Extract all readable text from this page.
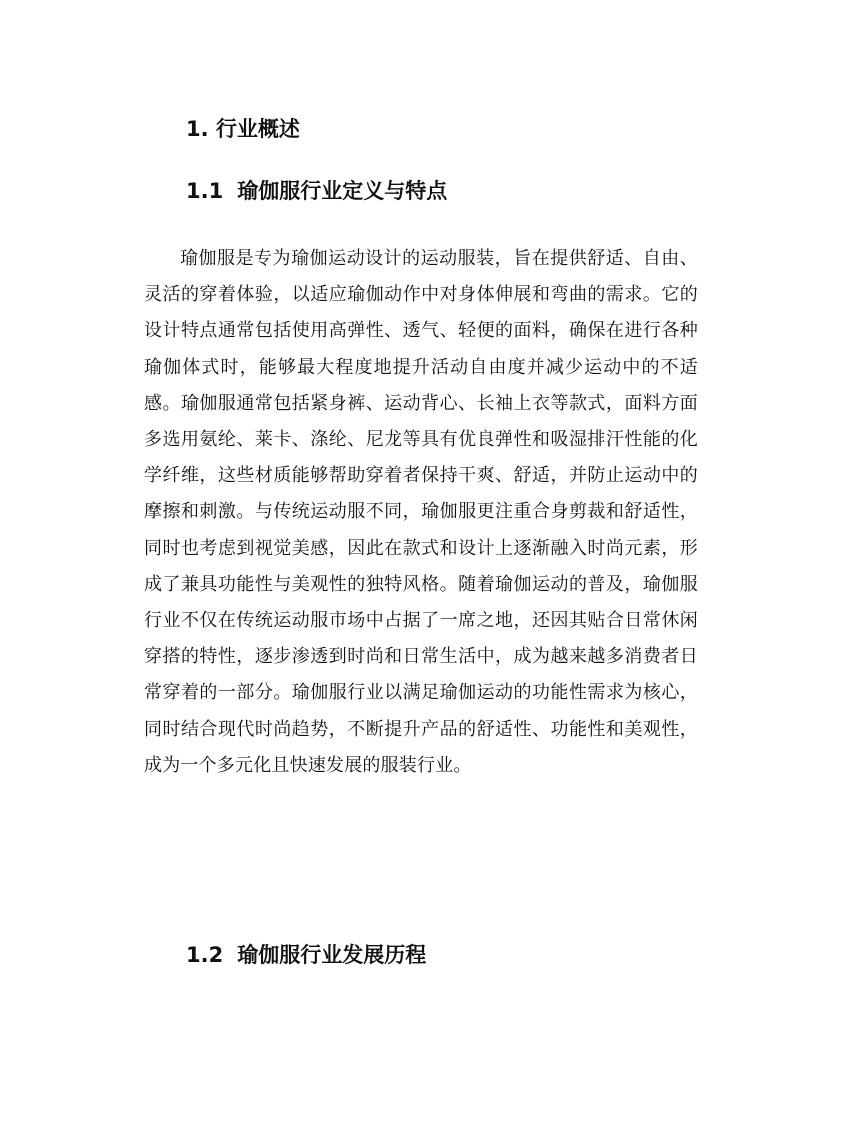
1. 行业概述
1.1 瑜伽服行业定义与特点

瑜伽服是专为瑜伽运动设计的运动服装，旨在提供舒适、自由、灵活的穿着体验，以适应瑜伽动作中对身体伸展和弯曲的需求。它的设计特点通常包括使用高弹性、透气、轻便的面料，确保在进行各种瑜伽体式时，能够最大程度地提升活动自由度并减少运动中的不适感。瑜伽服通常包括紧身裤、运动背心、长袖上衣等款式，面料方面多选用氨纶、莱卡、涤纶、尼龙等具有优良弹性和吸湿排汗性能的化学纤维，这些材质能够帮助穿着者保持干爽、舒适，并防止运动中的摩擦和刺激。与传统运动服不同，瑜伽服更注重合身剪裁和舒适性，同时也考虑到视觉美感，因此在款式和设计上逐渐融入时尚元素，形成了兼具功能性与美观性的独特风格。随着瑜伽运动的普及，瑜伽服行业不仅在传统运动服市场中占据了一席之地，还因其贴合日常休闲穿搭的特性，逐步渗透到时尚和日常生活中，成为越来越多消费者日常穿着的一部分。瑜伽服行业以满足瑜伽运动的功能性需求为核心，同时结合现代时尚趋势，不断提升产品的舒适性、功能性和美观性，成为一个多元化且快速发展的服装行业。

1.2 瑜伽服行业发展历程
